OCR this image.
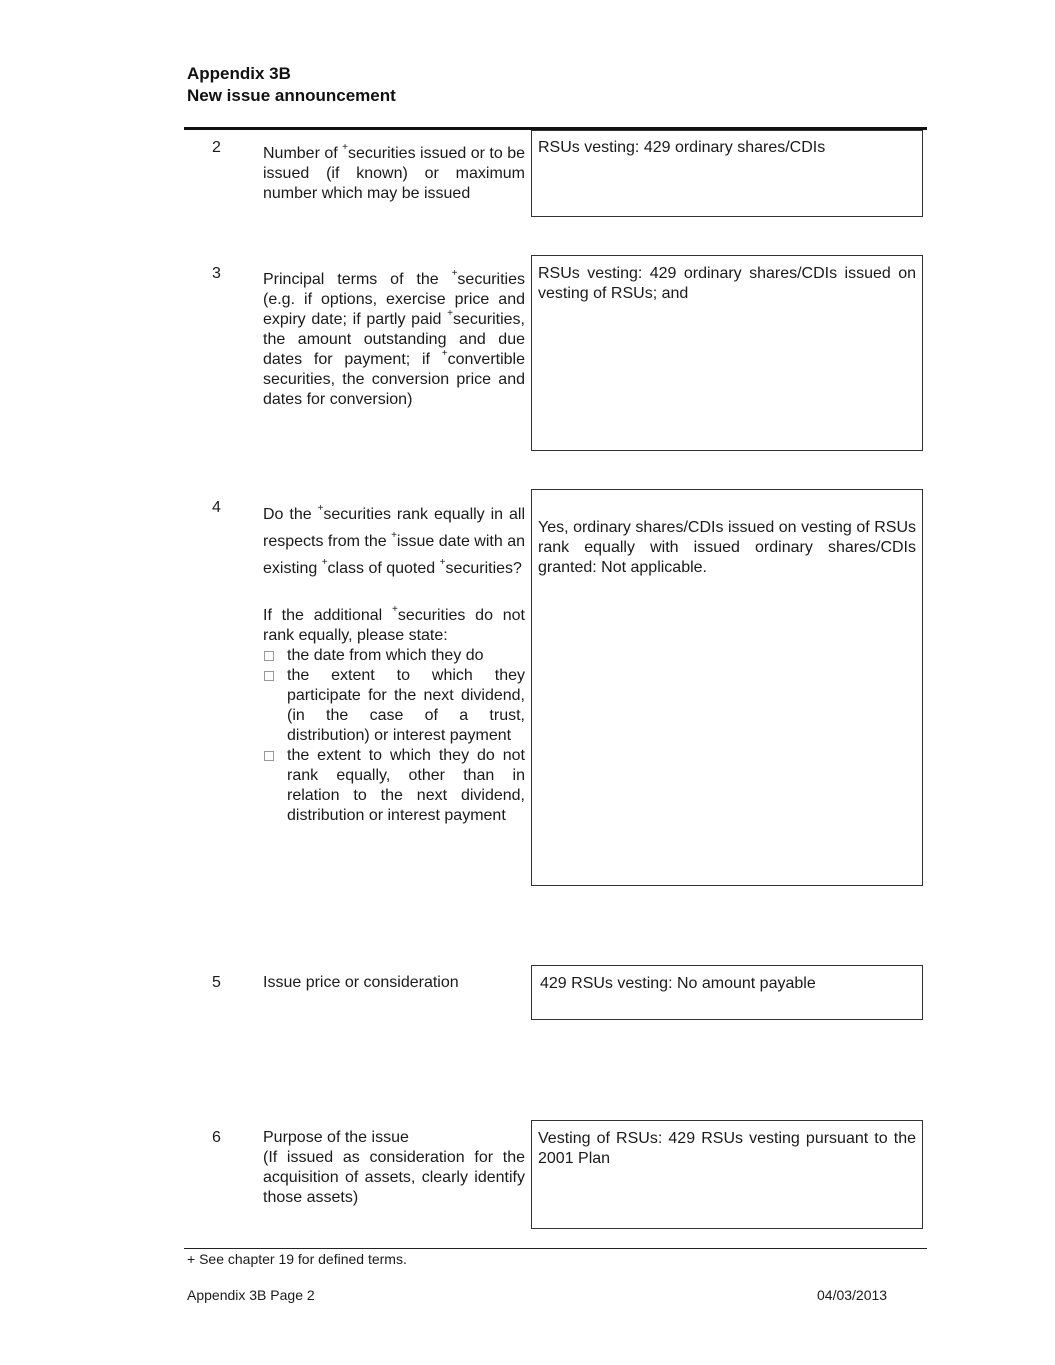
Appendix 3B
New issue announcement
2	Number of +securities issued or to be issued (if known) or maximum number which may be issued
RSUs vesting: 429 ordinary shares/CDIs
3	Principal terms of the +securities (e.g. if options, exercise price and expiry date; if partly paid +securities, the amount outstanding and due dates for payment; if +convertible securities, the conversion price and dates for conversion)
RSUs vesting: 429 ordinary shares/CDIs issued on vesting of RSUs; and
4	Do the +securities rank equally in all respects from the +issue date with an existing +class of quoted +securities?

If the additional +securities do not rank equally, please state:

the date from which they do
the extent to which they participate for the next dividend, (in the case of a trust, distribution) or interest payment
the extent to which they do not rank equally, other than in relation to the next dividend, distribution or interest payment
Yes, ordinary shares/CDIs issued on vesting of RSUs rank equally with issued ordinary shares/CDIs granted: Not applicable.
5	Issue price or consideration	429 RSUs vesting: No amount payable
6	Purpose of the issue
(If issued as consideration for the acquisition of assets, clearly identify those assets)
Vesting of RSUs: 429 RSUs vesting pursuant to the 2001 Plan
+ See chapter 19 for defined terms.
Appendix 3B Page 2	04/03/2013
